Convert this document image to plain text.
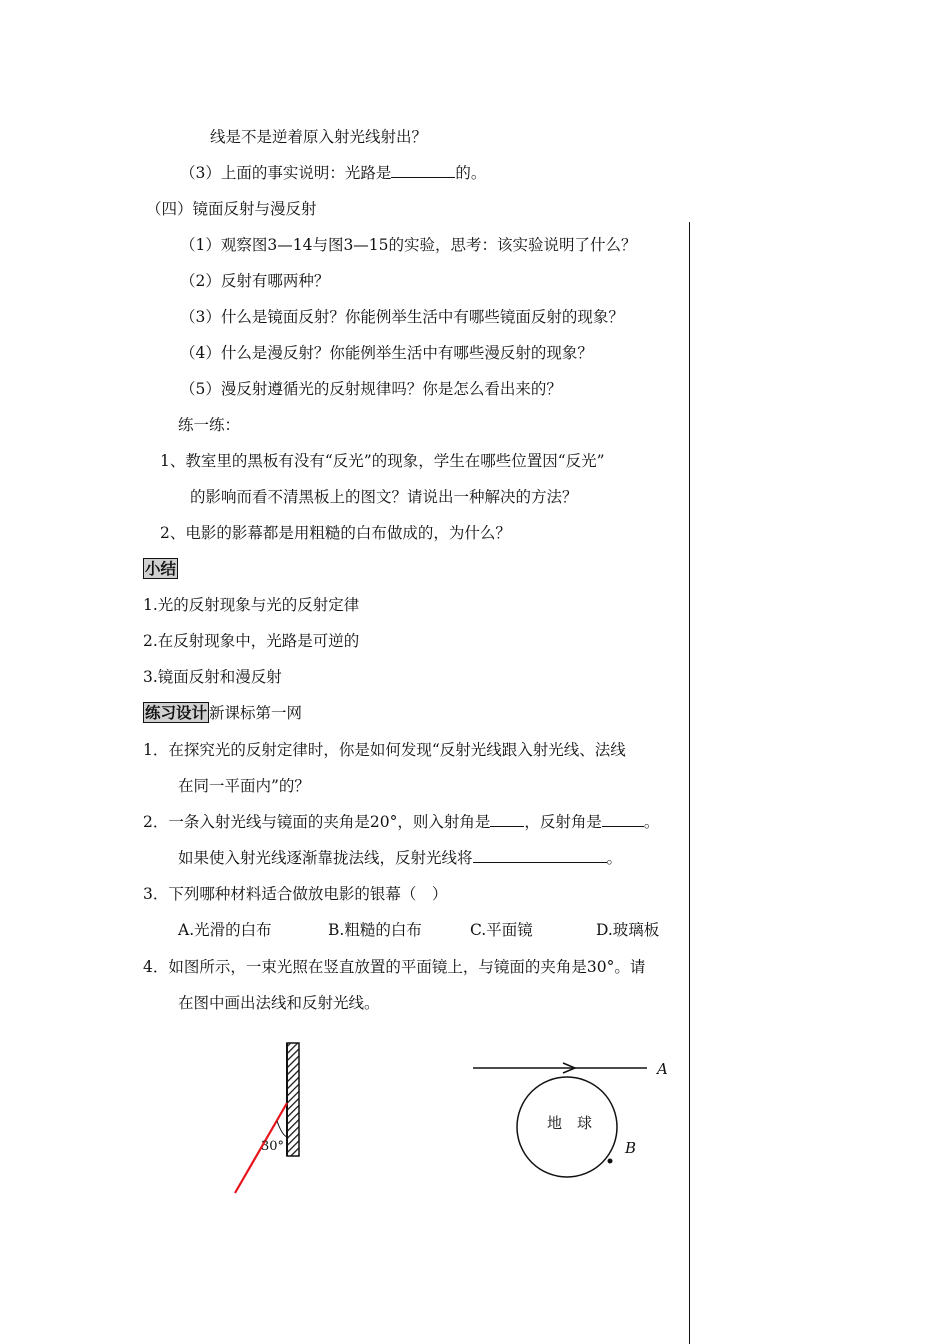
线是不是逆着原入射光线射出？
（3）上面的事实说明：光路是	的。
（四）镜面反射与漫反射
（1）观察图3—14与图3—15的实验，思考：该实验说明了什么？
（2）反射有哪两种？
（3）什么是镜面反射？你能例举生活中有哪些镜面反射的现象？
（4）什么是漫反射？你能例举生活中有哪些漫反射的现象？
（5）漫反射遵循光的反射规律吗？你是怎么看出来的？
练一练：
1、教室里的黑板有没有“反光”的现象，学生在哪些位置因“反光”
的影响而看不清黑板上的图文？请说出一种解决的方法？
2、电影的影幕都是用粗糙的白布做成的，为什么？
小结
1.光的反射现象与光的反射定律
2.在反射现象中，光路是可逆的
3.镜面反射和漫反射
练习设计 新课标第一网
1．在探究光的反射定律时，你是如何发现“反射光线跟入射光线、法线
在同一平面内”的？
2．一条入射光线与镜面的夹角是20°，则入射角是 ，反射角是	。
如果使入射光线逐渐靠拢法线，反射光线将	。
3．下列哪种材料适合做放电影的银幕（　）
A.光滑的白布	B.粗糙的白布	C.平面镜	D.玻璃板
4．如图所示，一束光照在竖直放置的平面镜上，与镜面的夹角是30°。请
在图中画出法线和反射光线。
30°
A
地　球
B
